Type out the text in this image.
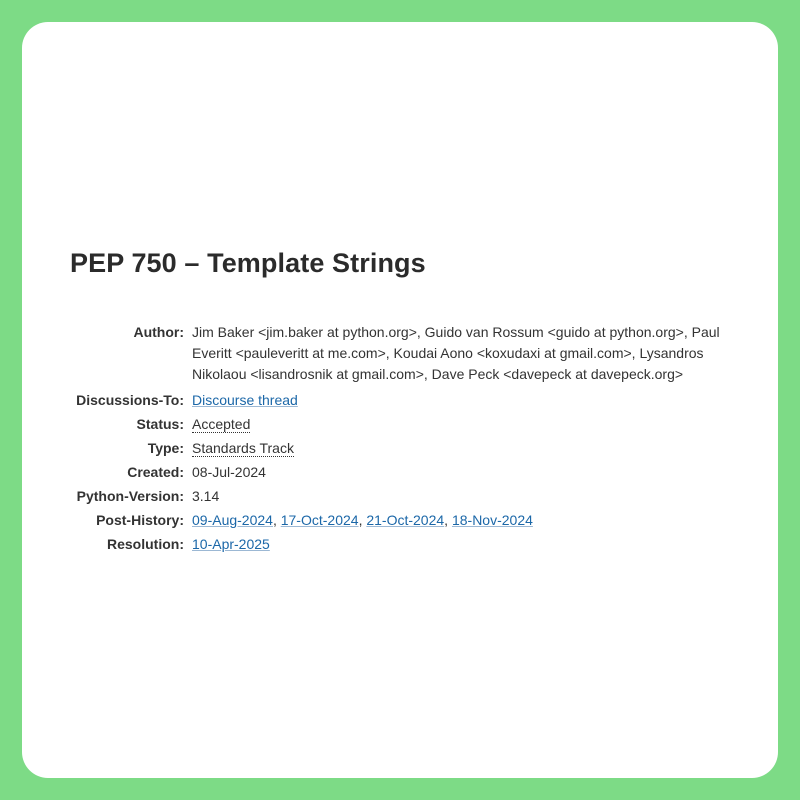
PEP 750 – Template Strings
Author: Jim Baker <jim.baker at python.org>, Guido van Rossum <guido at python.org>, Paul Everitt <pauleveritt at me.com>, Koudai Aono <koxudaxi at gmail.com>, Lysandros Nikolaou <lisandrosnik at gmail.com>, Dave Peck <davepeck at davepeck.org>
Discussions-To: Discourse thread
Status: Accepted
Type: Standards Track
Created: 08-Jul-2024
Python-Version: 3.14
Post-History: 09-Aug-2024, 17-Oct-2024, 21-Oct-2024, 18-Nov-2024
Resolution: 10-Apr-2025
